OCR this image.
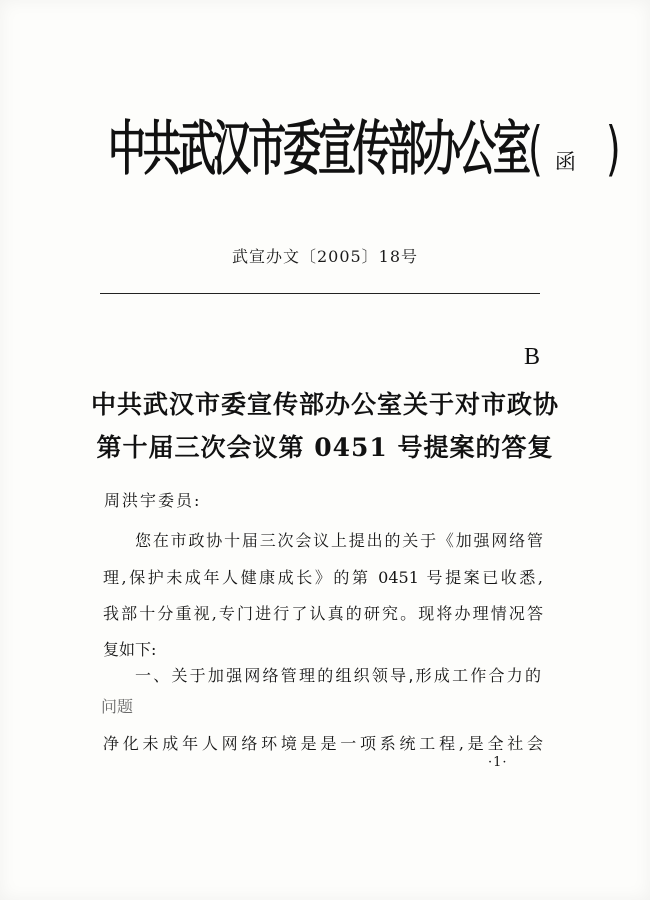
中共武汉市委宣传部办公室( 函 )
武宣办文〔2005〕18号
B
中共武汉市委宣传部办公室关于对市政协
第十届三次会议第 0451 号提案的答复
周洪宇委员:
您在市政协十届三次会议上提出的关于《加强网络管
理,保护未成年人健康成长》的第 0451 号提案已收悉,
我部十分重视,专门进行了认真的研究。现将办理情况答
复如下:
一、关于加强网络管理的组织领导,形成工作合力的
问题
净化未成年人网络环境是是一项系统工程,是全社会
·1·
